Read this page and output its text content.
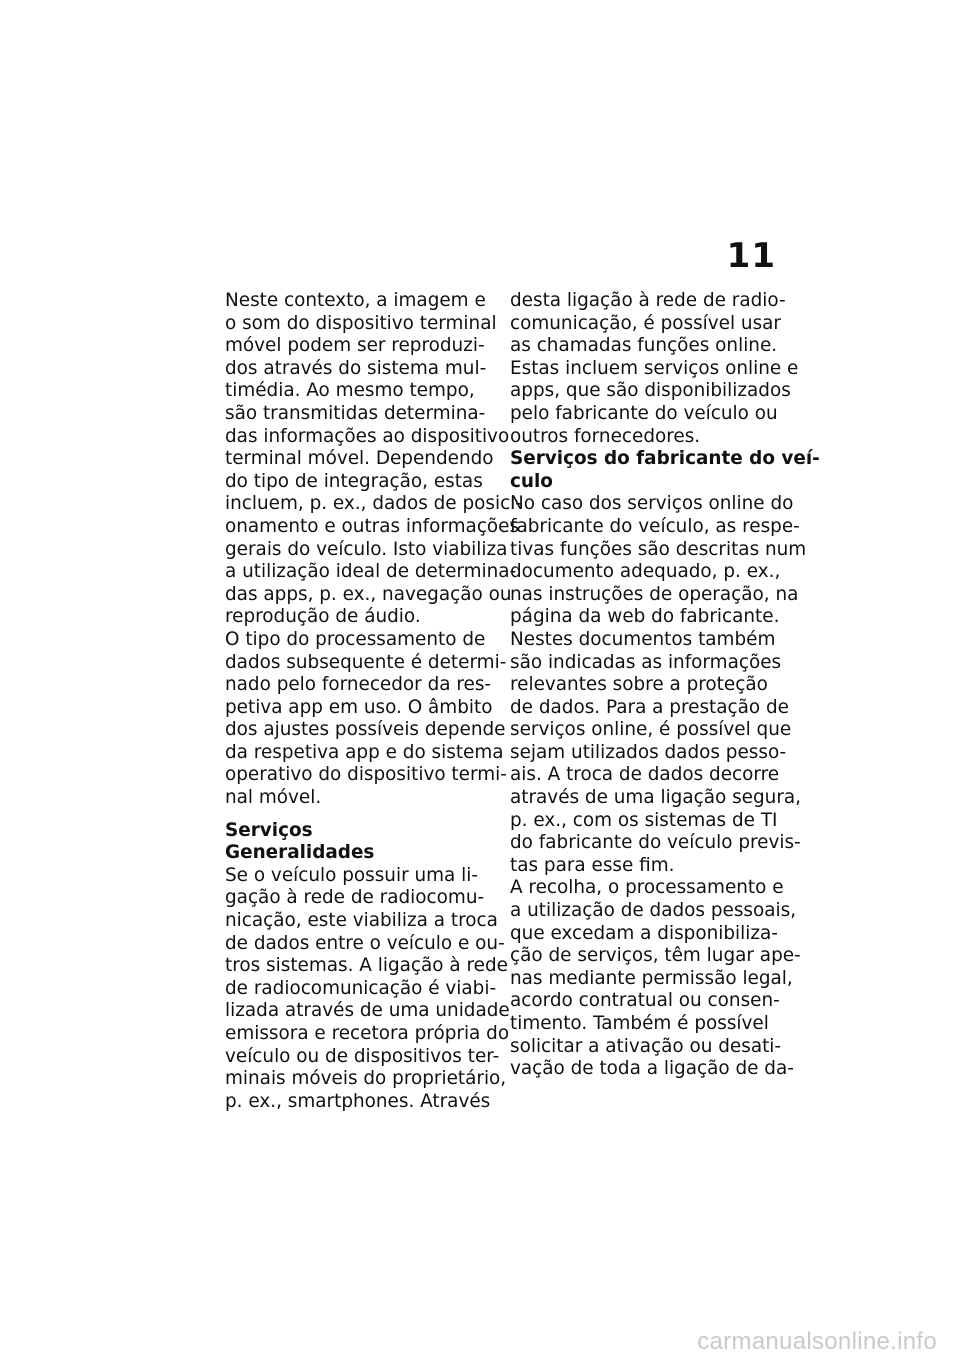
11
Neste contexto, a imagem e
o som do dispositivo terminal
móvel podem ser reproduzi-
dos através do sistema mul-
timédia. Ao mesmo tempo,
são transmitidas determina-
das informações ao dispositivo
terminal móvel. Dependendo
do tipo de integração, estas
incluem, p. ex., dados de posici-
onamento e outras informações
gerais do veículo. Isto viabiliza
a utilização ideal de determina-
das apps, p. ex., navegação ou
reprodução de áudio.
O tipo do processamento de
dados subsequente é determi-
nado pelo fornecedor da res-
petiva app em uso. O âmbito
dos ajustes possíveis depende
da respetiva app e do sistema
operativo do dispositivo termi-
nal móvel.
Serviços
Generalidades
Se o veículo possuir uma li-
gação à rede de radiocomu-
nicação, este viabiliza a troca
de dados entre o veículo e ou-
tros sistemas. A ligação à rede
de radiocomunicação é viabi-
lizada através de uma unidade
emissora e recetora própria do
veículo ou de dispositivos ter-
minais móveis do proprietário,
p. ex., smartphones. Através
desta ligação à rede de radio-
comunicação, é possível usar
as chamadas funções online.
Estas incluem serviços online e
apps, que são disponibilizados
pelo fabricante do veículo ou
outros fornecedores.
Serviços do fabricante do veí-
culo
No caso dos serviços online do
fabricante do veículo, as respe-
tivas funções são descritas num
documento adequado, p. ex.,
nas instruções de operação, na
página da web do fabricante.
Nestes documentos também
são indicadas as informações
relevantes sobre a proteção
de dados. Para a prestação de
serviços online, é possível que
sejam utilizados dados pesso-
ais. A troca de dados decorre
através de uma ligação segura,
p. ex., com os sistemas de TI
do fabricante do veículo previs-
tas para esse fim.
A recolha, o processamento e
a utilização de dados pessoais,
que excedam a disponibiliza-
ção de serviços, têm lugar ape-
nas mediante permissão legal,
acordo contratual ou consen-
timento. Também é possível
solicitar a ativação ou desati-
vação de toda a ligação de da-
carmanualsonline.info
